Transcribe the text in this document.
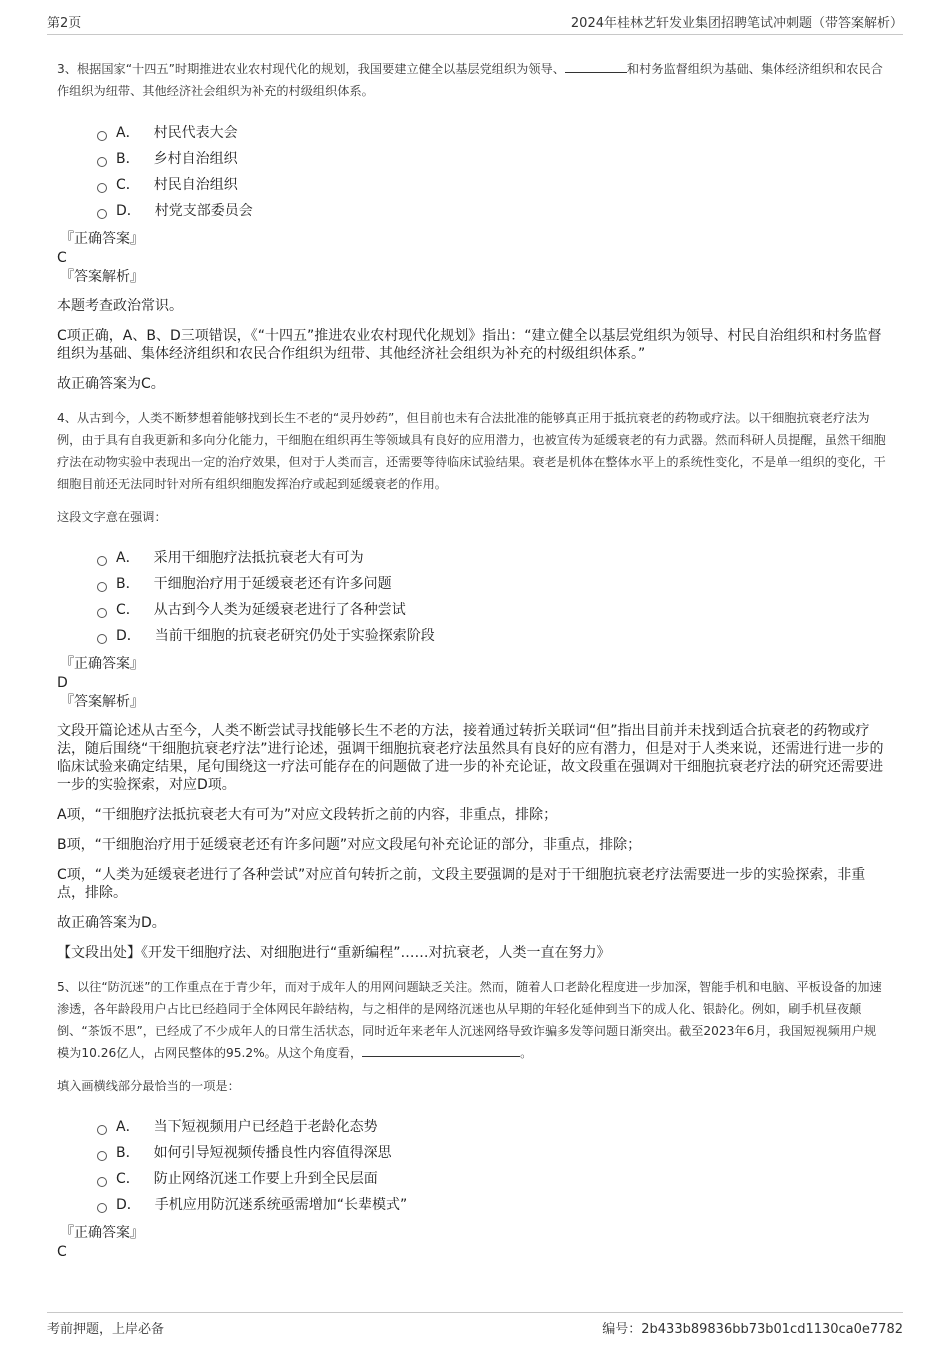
第2页	2024年桂林艺轩发业集团招聘笔试冲刺题（带答案解析）

3、根据国家“十四五”时期推进农业农村现代化的规划，我国要建立健全以基层党组织为领导、	和村务监督组织为基础、集体经济组织和农民合作组织为纽带、其他经济社会组织为补充的村级组织体系。

A． 村民代表大会
B． 乡村自治组织
C． 村民自治组织
D． 村党支部委员会
『正确答案』
C
『答案解析』

本题考查政治常识。

C项正确，A、B、D三项错误，《“十四五”推进农业农村现代化规划》指出：“建立健全以基层党组织为领导、村民自治组织和村务监督组织为基础、集体经济组织和农民合作组织为纽带、其他经济社会组织为补充的村级组织体系。”

故正确答案为C。

4、从古到今，人类不断梦想着能够找到长生不老的“灵丹妙药”，但目前也未有合法批准的能够真正用于抵抗衰老的药物或疗法。以干细胞抗衰老疗法为例，由于具有自我更新和多向分化能力，干细胞在组织再生等领域具有良好的应用潜力，也被宣传为延缓衰老的有力武器。然而科研人员提醒，虽然干细胞疗法在动物实验中表现出一定的治疗效果，但对于人类而言，还需要等待临床试验结果。衰老是机体在整体水平上的系统性变化，不是单一组织的变化，干细胞目前还无法同时针对所有组织细胞发挥治疗或起到延缓衰老的作用。

这段文字意在强调：

A． 采用干细胞疗法抵抗衰老大有可为
B． 干细胞治疗用于延缓衰老还有许多问题
C． 从古到今人类为延缓衰老进行了各种尝试
D． 当前干细胞的抗衰老研究仍处于实验探索阶段
『正确答案』
D
『答案解析』

文段开篇论述从古至今，人类不断尝试寻找能够长生不老的方法，接着通过转折关联词“但”指出目前并未找到适合抗衰老的药物或疗法，随后围绕“干细胞抗衰老疗法”进行论述，强调干细胞抗衰老疗法虽然具有良好的应有潜力，但是对于人类来说，还需进行进一步的临床试验来确定结果，尾句围绕这一疗法可能存在的问题做了进一步的补充论证，故文段重在强调对干细胞抗衰老疗法的研究还需要进一步的实验探索，对应D项。

A项，“干细胞疗法抵抗衰老大有可为”对应文段转折之前的内容，非重点，排除；

B项，“干细胞治疗用于延缓衰老还有许多问题”对应文段尾句补充论证的部分，非重点，排除；

C项，“人类为延缓衰老进行了各种尝试”对应首句转折之前，文段主要强调的是对于干细胞抗衰老疗法需要进一步的实验探索，非重点，排除。

故正确答案为D。

【文段出处】《开发干细胞疗法、对细胞进行“重新编程”……对抗衰老，人类一直在努力》

5、以往“防沉迷”的工作重点在于青少年，而对于成年人的用网问题缺乏关注。然而，随着人口老龄化程度进一步加深，智能手机和电脑、平板设备的加速渗透，各年龄段用户占比已经趋同于全体网民年龄结构，与之相伴的是网络沉迷也从早期的年轻化延伸到当下的成人化、银龄化。例如，刷手机昼夜颠倒、“茶饭不思”，已经成了不少成年人的日常生活状态，同时近年来老年人沉迷网络导致诈骗多发等问题日渐突出。截至2023年6月，我国短视频用户规模为10.26亿人，占网民整体的95.2%。从这个角度看，	。

填入画横线部分最恰当的一项是：

A． 当下短视频用户已经趋于老龄化态势
B． 如何引导短视频传播良性内容值得深思
C． 防止网络沉迷工作要上升到全民层面
D． 手机应用防沉迷系统亟需增加“长辈模式”
『正确答案』
C
考前押题，上岸必备	编号：2b433b89836bb73b01cd1130ca0e7782
